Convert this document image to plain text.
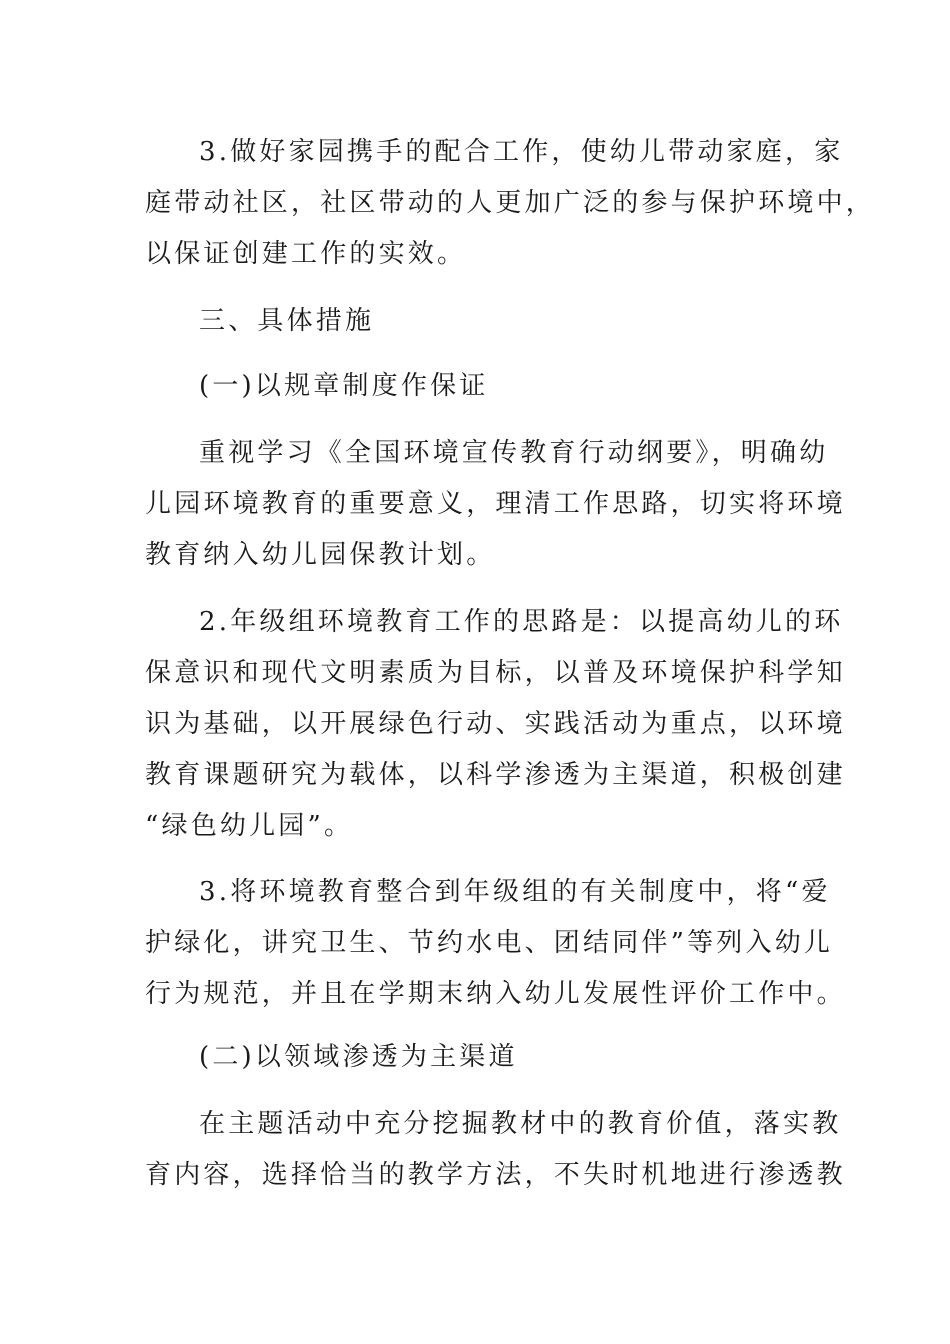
3.做好家园携手的配合工作，使幼儿带动家庭，家
庭带动社区，社区带动的人更加广泛的参与保护环境中，
以保证创建工作的实效。
三、具体措施
(一)以规章制度作保证
重视学习《全国环境宣传教育行动纲要》，明确幼
儿园环境教育的重要意义，理清工作思路，切实将环境
教育纳入幼儿园保教计划。
2.年级组环境教育工作的思路是：以提高幼儿的环
保意识和现代文明素质为目标，以普及环境保护科学知
识为基础，以开展绿色行动、实践活动为重点，以环境
教育课题研究为载体，以科学渗透为主渠道，积极创建
“绿色幼儿园”。
3.将环境教育整合到年级组的有关制度中，将“爱
护绿化，讲究卫生、节约水电、团结同伴”等列入幼儿
行为规范，并且在学期末纳入幼儿发展性评价工作中。
(二)以领域渗透为主渠道
在主题活动中充分挖掘教材中的教育价值，落实教
育内容，选择恰当的教学方法，不失时机地进行渗透教
